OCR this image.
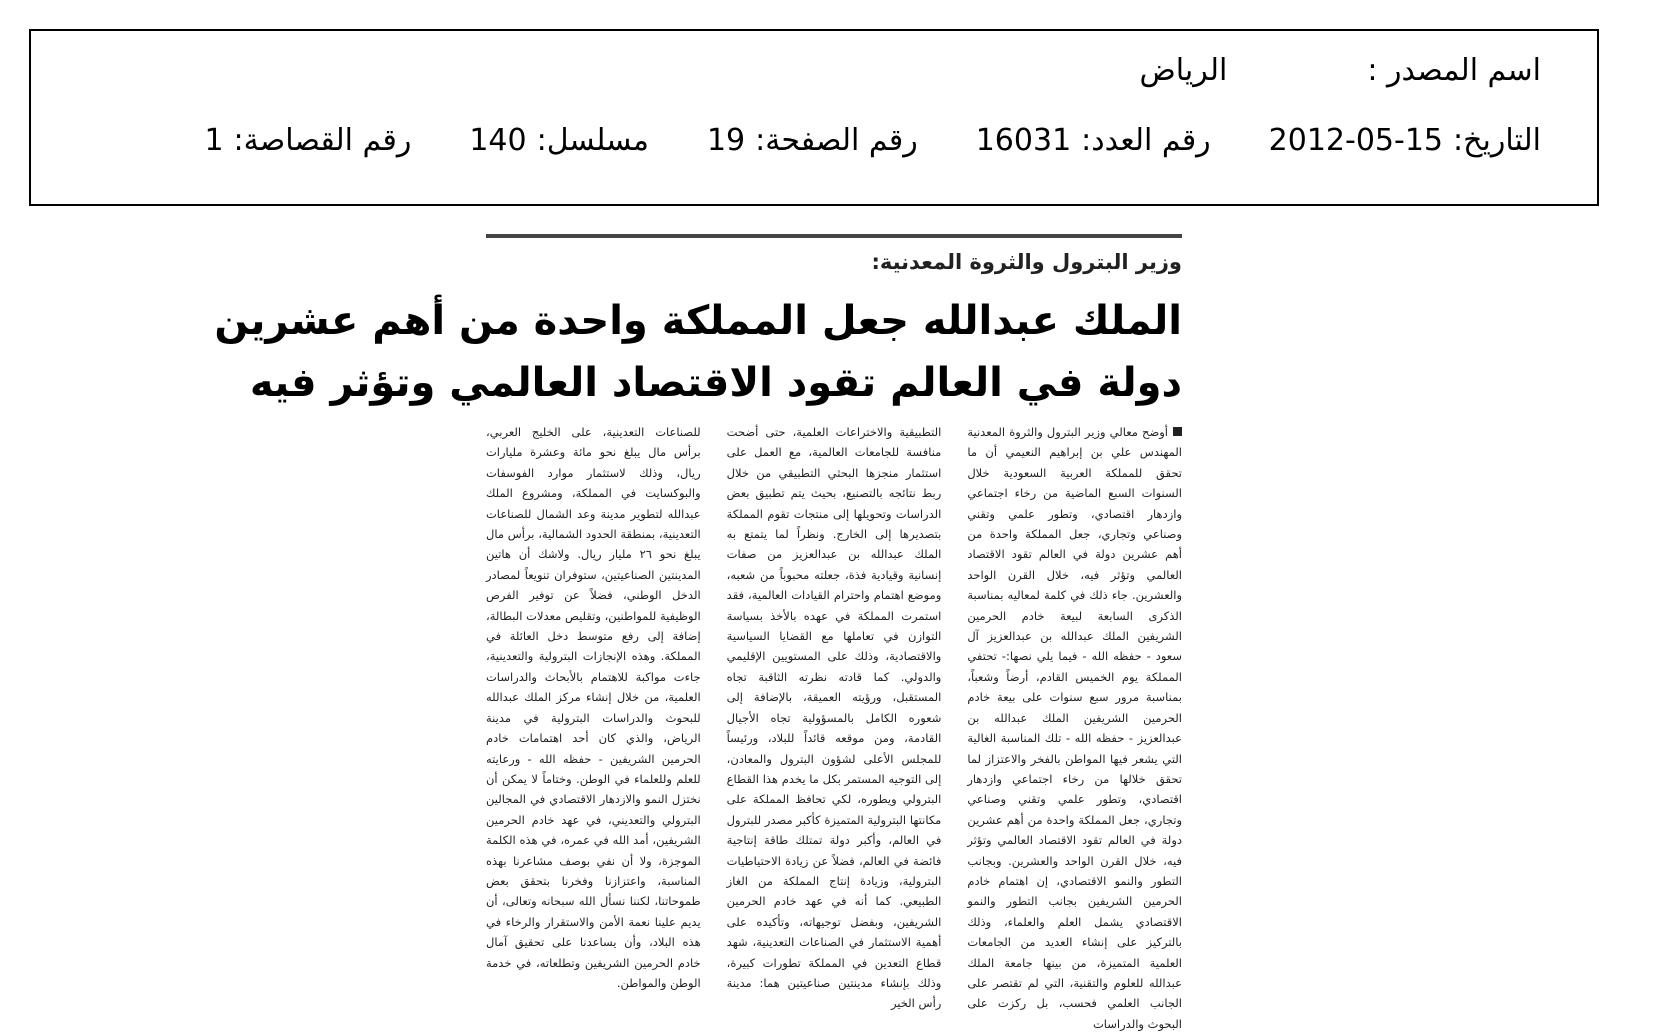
اسم المصدر :
الرياض
التاريخ:
2012-05-15
رقم العدد:
16031
رقم الصفحة:
19
مسلسل:
140
رقم القصاصة:
1
وزير البترول والثروة المعدنية:
الملك عبدالله جعل المملكة واحدة من أهم عشرين
دولة في العالم تقود الاقتصاد العالمي وتؤثر فيه
أوضح معالي وزير البترول والثروة المعدنية المهندس علي بن إبراهيم النعيمي أن ما تحقق للمملكة العربية السعودية خلال السنوات السبع الماضية من رخاء اجتماعي وازدهار اقتصادي، وتطور علمي وتقني وصناعي وتجاري، جعل المملكة واحدة من أهم عشرين دولة في العالم تقود الاقتصاد العالمي وتؤثر فيه، خلال القرن الواحد والعشرين. جاء ذلك في كلمة لمعاليه بمناسبة الذكرى السابعة لبيعة خادم الحرمين الشريفين الملك عبدالله بن عبدالعزيز آل سعود - حفظه الله - فيما يلي نصها:- تحتفي المملكة يوم الخميس القادم، أرضاً وشعباً، بمناسبة مرور سبع سنوات على بيعة خادم الحرمين الشريفين الملك عبدالله بن عبدالعزيز - حفظه الله - تلك المناسبة الغالية التي يشعر فيها المواطن بالفخر والاعتزاز لما تحقق خلالها من رخاء اجتماعي وازدهار اقتصادي، وتطور علمي وتقني وصناعي وتجاري، جعل المملكة واحدة من أهم عشرين دولة في العالم تقود الاقتصاد العالمي وتؤثر فيه، خلال القرن الواحد والعشرين. وبجانب التطور والنمو الاقتصادي، إن اهتمام خادم الحرمين الشريفين بجانب التطور والنمو الاقتصادي يشمل العلم والعلماء، وذلك بالتركيز على إنشاء العديد من الجامعات العلمية المتميزة، من بينها جامعة الملك عبدالله للعلوم والتقنية، التي لم تقتصر على الجانب العلمي فحسب، بل ركزت على البحوث والدراسات
التطبيقية والاختراعات العلمية، حتى أضحت منافسة للجامعات العالمية، مع العمل على استثمار منجزها البحثي التطبيقي من خلال ربط نتائجه بالتصنيع، بحيث يتم تطبيق بعض الدراسات وتحويلها إلى منتجات تقوم المملكة بتصديرها إلى الخارج. ونظراً لما يتمتع به الملك عبدالله بن عبدالعزيز من صفات إنسانية وقيادية فذة، جعلته محبوباً من شعبه، وموضع اهتمام واحترام القيادات العالمية، فقد استمرت المملكة في عهده بالأخذ بسياسة التوازن في تعاملها مع القضايا السياسية والاقتصادية، وذلك على المستويين الإقليمي والدولي. كما قادته نظرته الثاقبة تجاه المستقبل، ورؤيته العميقة، بالإضافة إلى شعوره الكامل بالمسؤولية تجاه الأجيال القادمة، ومن موقعه قائداً للبلاد، ورئيساً للمجلس الأعلى لشؤون البترول والمعادن، إلى التوجيه المستمر بكل ما يخدم هذا القطاع البترولي ويطوره، لكي تحافظ المملكة على مكانتها البترولية المتميزة كأكبر مصدر للبترول في العالم، وأكبر دولة تمتلك طاقة إنتاجية فائضة في العالم، فضلاً عن زيادة الاحتياطيات البترولية، وزيادة إنتاج المملكة من الغاز الطبيعي. كما أنه في عهد خادم الحرمين الشريفين، وبفضل توجيهاته، وتأكيده على أهمية الاستثمار في الصناعات التعدينية، شهد قطاع التعدين في المملكة تطورات كبيرة، وذلك بإنشاء مدينتين صناعيتين هما: مدينة رأس الخير
للصناعات التعدينية، على الخليج العربي، برأس مال يبلغ نحو مائة وعشرة مليارات ريال، وذلك لاستثمار موارد الفوسفات والبوكسايت في المملكة، ومشروع الملك عبدالله لتطوير مدينة وعد الشمال للصناعات التعدينية، بمنطقة الحدود الشمالية، برأس مال يبلغ نحو ٢٦ مليار ريال. ولاشك أن هاتين المدينتين الصناعيتين، ستوفران تنويعاً لمصادر الدخل الوطني، فضلاً عن توفير الفرص الوظيفية للمواطنين، وتقليص معدلات البطالة، إضافة إلى رفع متوسط دخل العائلة في المملكة. وهذه الإنجازات البترولية والتعدينية، جاءت مواكبة للاهتمام بالأبحاث والدراسات العلمية، من خلال إنشاء مركز الملك عبدالله للبحوث والدراسات البترولية في مدينة الرياض، والذي كان أحد اهتمامات خادم الحرمين الشريفين - حفظه الله - ورعايته للعلم وللعلماء في الوطن. وختاماً لا يمكن أن نختزل النمو والازدهار الاقتصادي في المجالين البترولي والتعديني، في عهد خادم الحرمين الشريفين، أمد الله في عمره، في هذه الكلمة الموجزة، ولا أن نفي بوصف مشاعرنا بهذه المناسبة، واعتزازنا وفخرنا بتحقق بعض طموحاتنا، لكننا نسأل الله سبحانه وتعالى، أن يديم علينا نعمة الأمن والاستقرار والرخاء في هذه البلاد، وأن يساعدنا على تحقيق آمال خادم الحرمين الشريفين وتطلعاته، في خدمة الوطن والمواطن.
